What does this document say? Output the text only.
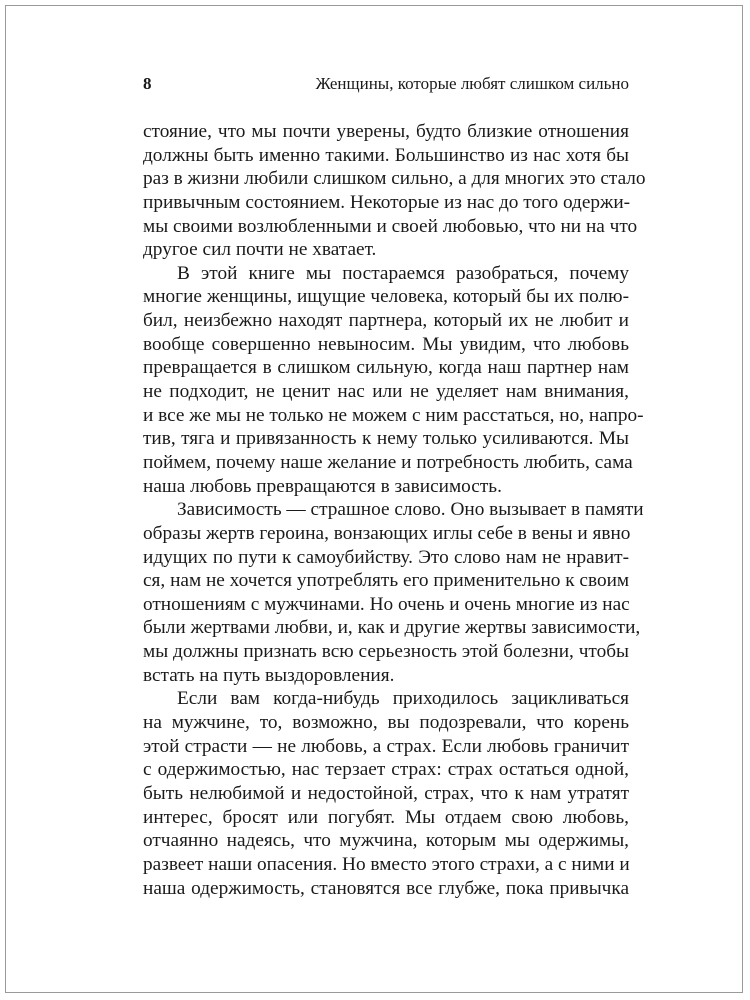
8	Женщины, которые любят слишком сильно
стояние, что мы почти уверены, будто близкие отношения
должны быть именно такими. Большинство из нас хотя бы
раз в жизни любили слишком сильно, а для многих это стало
привычным состоянием. Некоторые из нас до того одержи-
мы своими возлюбленными и своей любовью, что ни на что
другое сил почти не хватает.
В этой книге мы постараемся разобраться, почему
многие женщины, ищущие человека, который бы их полю-
бил, неизбежно находят партнера, который их не любит и
вообще совершенно невыносим. Мы увидим, что любовь
превращается в слишком сильную, когда наш партнер нам
не подходит, не ценит нас или не уделяет нам внимания,
и все же мы не только не можем с ним расстаться, но, напро-
тив, тяга и привязанность к нему только усиливаются. Мы
поймем, почему наше желание и потребность любить, сама
наша любовь превращаются в зависимость.
Зависимость — страшное слово. Оно вызывает в памяти
образы жертв героина, вонзающих иглы себе в вены и явно
идущих по пути к самоубийству. Это слово нам не нравит-
ся, нам не хочется употреблять его применительно к своим
отношениям с мужчинами. Но очень и очень многие из нас
были жертвами любви, и, как и другие жертвы зависимости,
мы должны признать всю серьезность этой болезни, чтобы
встать на путь выздоровления.
Если вам когда-нибудь приходилось зацикливаться
на мужчине, то, возможно, вы подозревали, что корень
этой страсти — не любовь, а страх. Если любовь граничит
с одержимостью, нас терзает страх: страх остаться одной,
быть нелюбимой и недостойной, страх, что к нам утратят
интерес, бросят или погубят. Мы отдаем свою любовь,
отчаянно надеясь, что мужчина, которым мы одержимы,
развеет наши опасения. Но вместо этого страхи, а с ними и
наша одержимость, становятся все глубже, пока привычка
